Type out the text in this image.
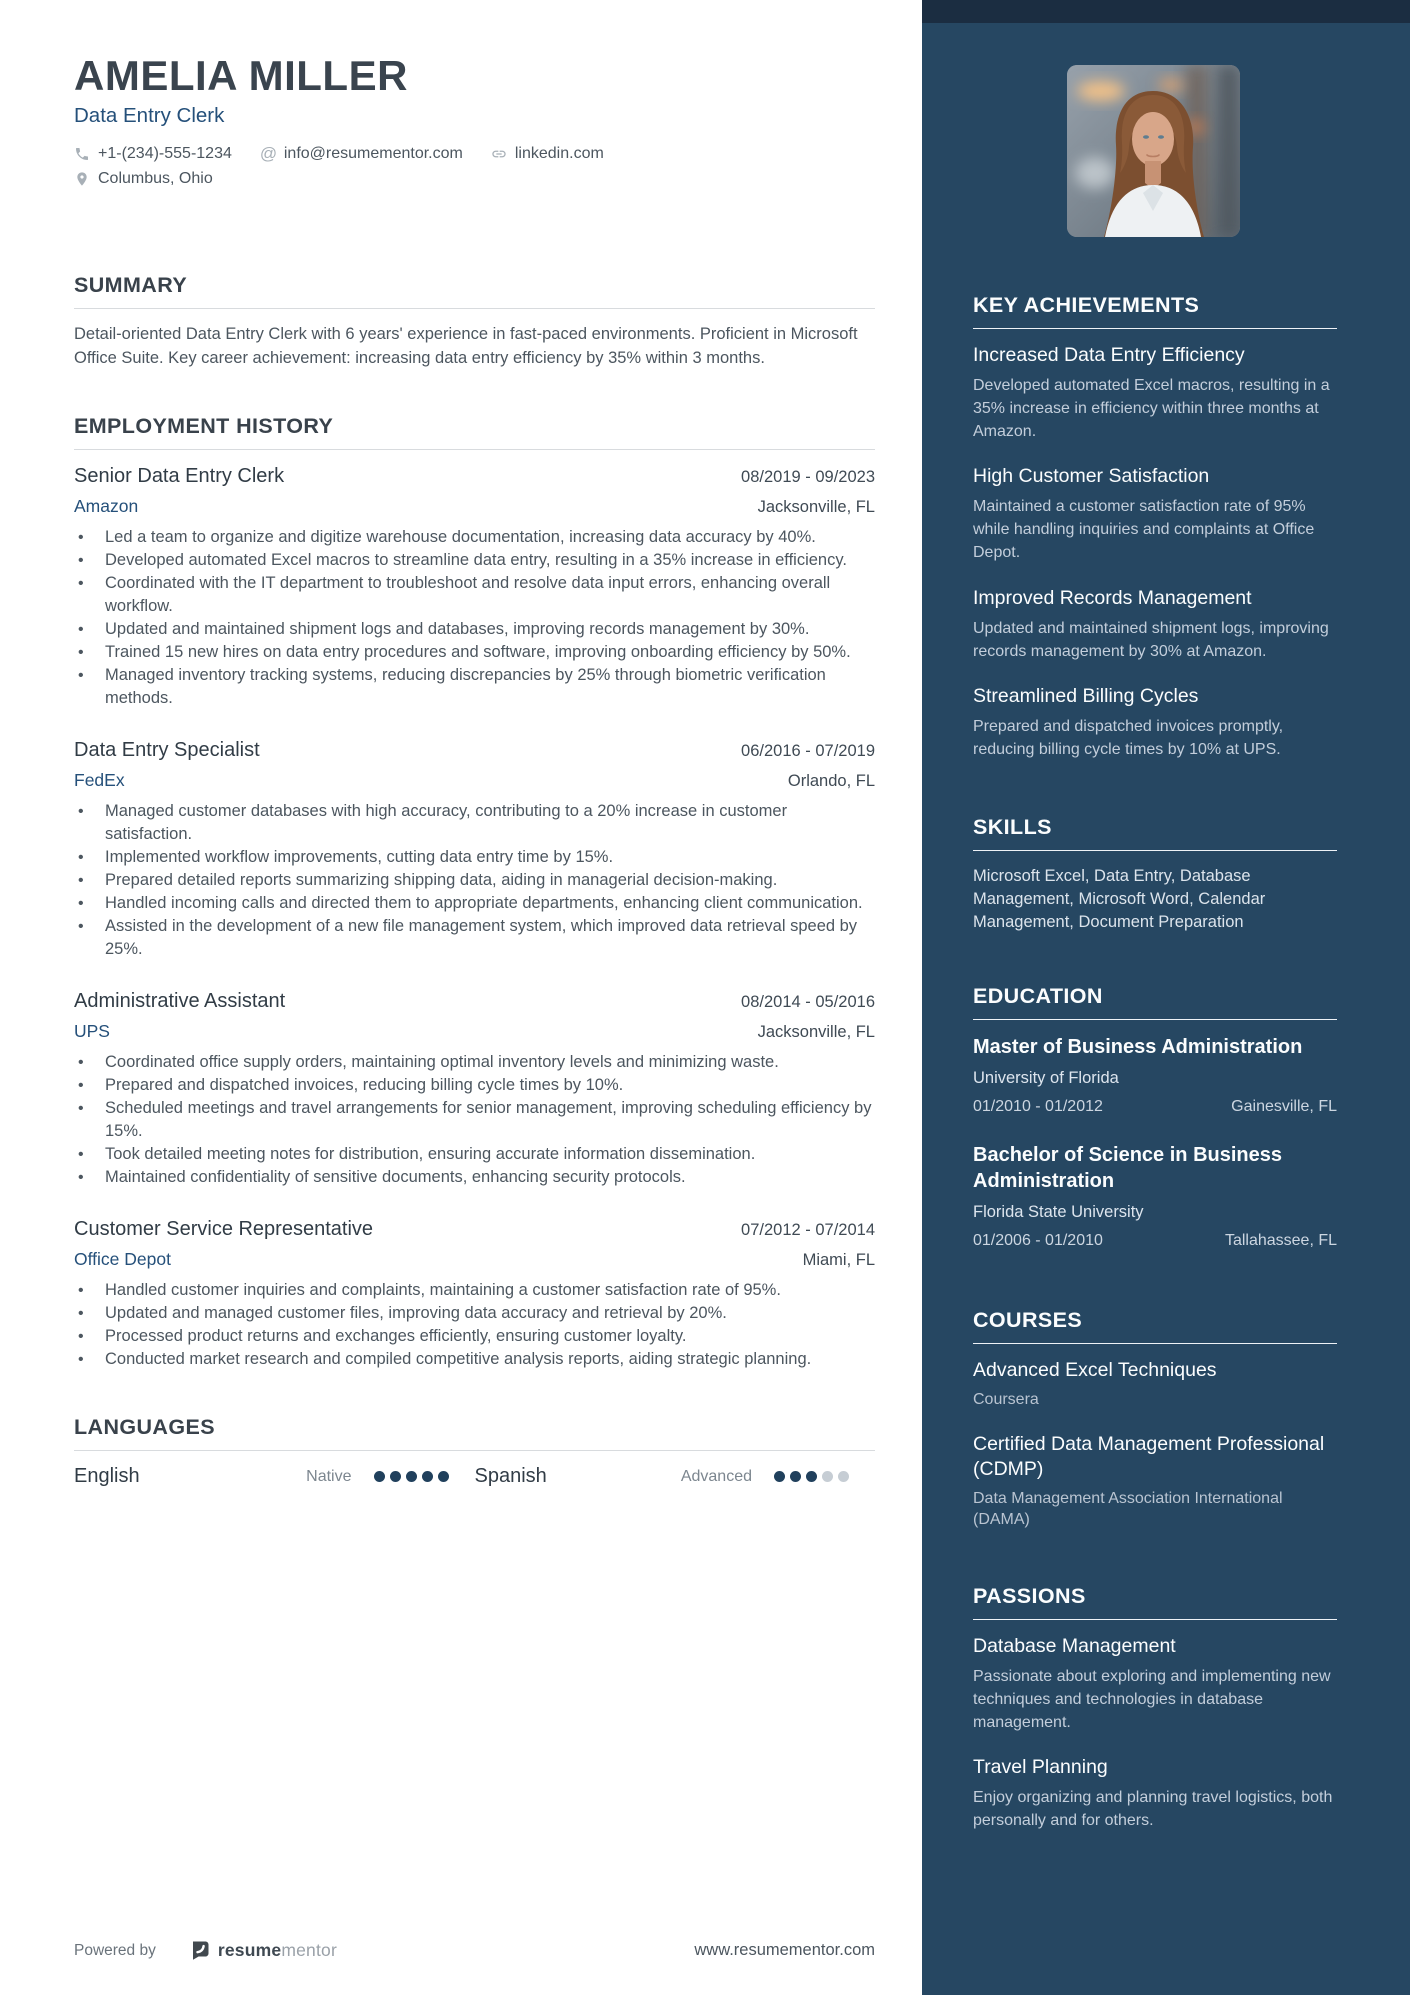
AMELIA MILLER
Data Entry Clerk
+1-(234)-555-1234 @ info@resumementor.com	linkedin.com
Columbus, Ohio
SUMMARY

Detail-oriented Data Entry Clerk with 6 years' experience in fast-paced environments. Proficient in Microsoft Office Suite. Key career achievement: increasing data entry efficiency by 35% within 3 months.

EMPLOYMENT HISTORY
Senior Data Entry Clerk	08/2019 - 09/2023
Amazon	Jacksonville, FL
• Led a team to organize and digitize warehouse documentation, increasing data accuracy by 40%.
• Developed automated Excel macros to streamline data entry, resulting in a 35% increase in efficiency.
• Coordinated with the IT department to troubleshoot and resolve data input errors, enhancing overall workflow.
• Updated and maintained shipment logs and databases, improving records management by 30%.
• Trained 15 new hires on data entry procedures and software, improving onboarding efficiency by 50%.
• Managed inventory tracking systems, reducing discrepancies by 25% through biometric verification methods.
Data Entry Specialist	06/2016 - 07/2019
FedEx	Orlando, FL
• Managed customer databases with high accuracy, contributing to a 20% increase in customer satisfaction.
• Implemented workflow improvements, cutting data entry time by 15%.
• Prepared detailed reports summarizing shipping data, aiding in managerial decision-making.
• Handled incoming calls and directed them to appropriate departments, enhancing client communication.
• Assisted in the development of a new file management system, which improved data retrieval speed by 25%.
Administrative Assistant	08/2014 - 05/2016
UPS	Jacksonville, FL
• Coordinated office supply orders, maintaining optimal inventory levels and minimizing waste.
• Prepared and dispatched invoices, reducing billing cycle times by 10%.
• Scheduled meetings and travel arrangements for senior management, improving scheduling efficiency by 15%.
• Took detailed meeting notes for distribution, ensuring accurate information dissemination.
• Maintained confidentiality of sensitive documents, enhancing security protocols.
Customer Service Representative	07/2012 - 07/2014
Office Depot	Miami, FL
• Handled customer inquiries and complaints, maintaining a customer satisfaction rate of 95%.
• Updated and managed customer files, improving data accuracy and retrieval by 20%.
• Processed product returns and exchanges efficiently, ensuring customer loyalty.
• Conducted market research and compiled competitive analysis reports, aiding strategic planning.
LANGUAGES
English	Native	Spanish	Advanced
Powered by	resumementor	www.resumementor.com
KEY ACHIEVEMENTS
Increased Data Entry Efficiency
Developed automated Excel macros, resulting in a 35% increase in efficiency within three months at Amazon.
High Customer Satisfaction
Maintained a customer satisfaction rate of 95% while handling inquiries and complaints at Office Depot.
Improved Records Management
Updated and maintained shipment logs, improving records management by 30% at Amazon.
Streamlined Billing Cycles
Prepared and dispatched invoices promptly, reducing billing cycle times by 10% at UPS.
SKILLS

Microsoft Excel, Data Entry, Database Management, Microsoft Word, Calendar Management, Document Preparation

EDUCATION
Master of Business Administration
University of Florida
01/2010 - 01/2012	Gainesville, FL
Bachelor of Science in Business Administration
Florida State University
01/2006 - 01/2010	Tallahassee, FL
COURSES
Advanced Excel Techniques
Coursera
Certified Data Management Professional (CDMP)
Data Management Association International (DAMA)
PASSIONS
Database Management
Passionate about exploring and implementing new techniques and technologies in database management.
Travel Planning
Enjoy organizing and planning travel logistics, both personally and for others.
